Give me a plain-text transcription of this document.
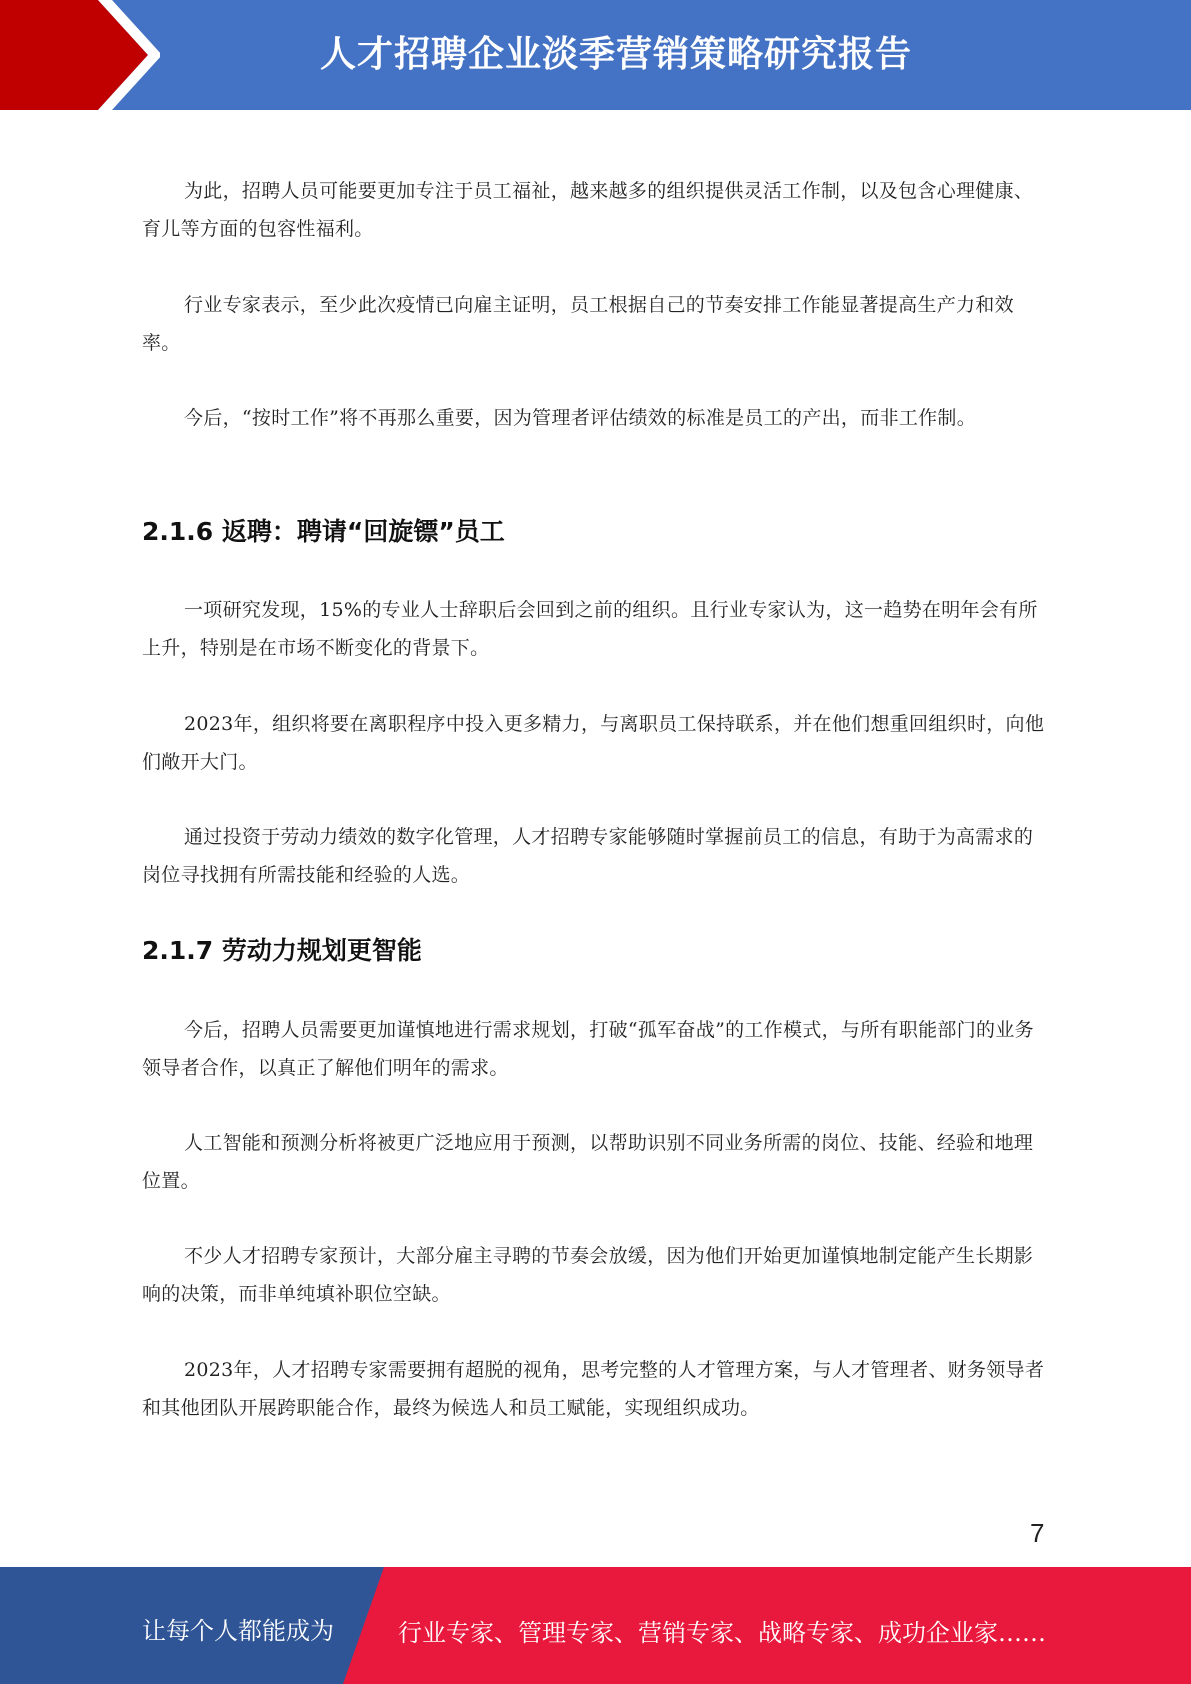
人才招聘企业淡季营销策略研究报告

为此，招聘人员可能要更加专注于员工福祉，越来越多的组织提供灵活工作制，以及包含心理健康、育儿等方面的包容性福利。

行业专家表示，至少此次疫情已向雇主证明，员工根据自己的节奏安排工作能显著提高生产力和效率。

今后，“按时工作”将不再那么重要，因为管理者评估绩效的标准是员工的产出，而非工作制。

2.1.6 返聘：聘请“回旋镖”员工

一项研究发现，15%的专业人士辞职后会回到之前的组织。且行业专家认为，这一趋势在明年会有所上升，特别是在市场不断变化的背景下。

2023年，组织将要在离职程序中投入更多精力，与离职员工保持联系，并在他们想重回组织时，向他们敞开大门。

通过投资于劳动力绩效的数字化管理，人才招聘专家能够随时掌握前员工的信息，有助于为高需求的岗位寻找拥有所需技能和经验的人选。

2.1.7 劳动力规划更智能

今后，招聘人员需要更加谨慎地进行需求规划，打破“孤军奋战”的工作模式，与所有职能部门的业务领导者合作，以真正了解他们明年的需求。

人工智能和预测分析将被更广泛地应用于预测，以帮助识别不同业务所需的岗位、技能、经验和地理位置。

不少人才招聘专家预计，大部分雇主寻聘的节奏会放缓，因为他们开始更加谨慎地制定能产生长期影响的决策，而非单纯填补职位空缺。

2023年，人才招聘专家需要拥有超脱的视角，思考完整的人才管理方案，与人才管理者、财务领导者和其他团队开展跨职能合作，最终为候选人和员工赋能，实现组织成功。

7
让每个人都能成为	行业专家、管理专家、营销专家、战略专家、成功企业家……
